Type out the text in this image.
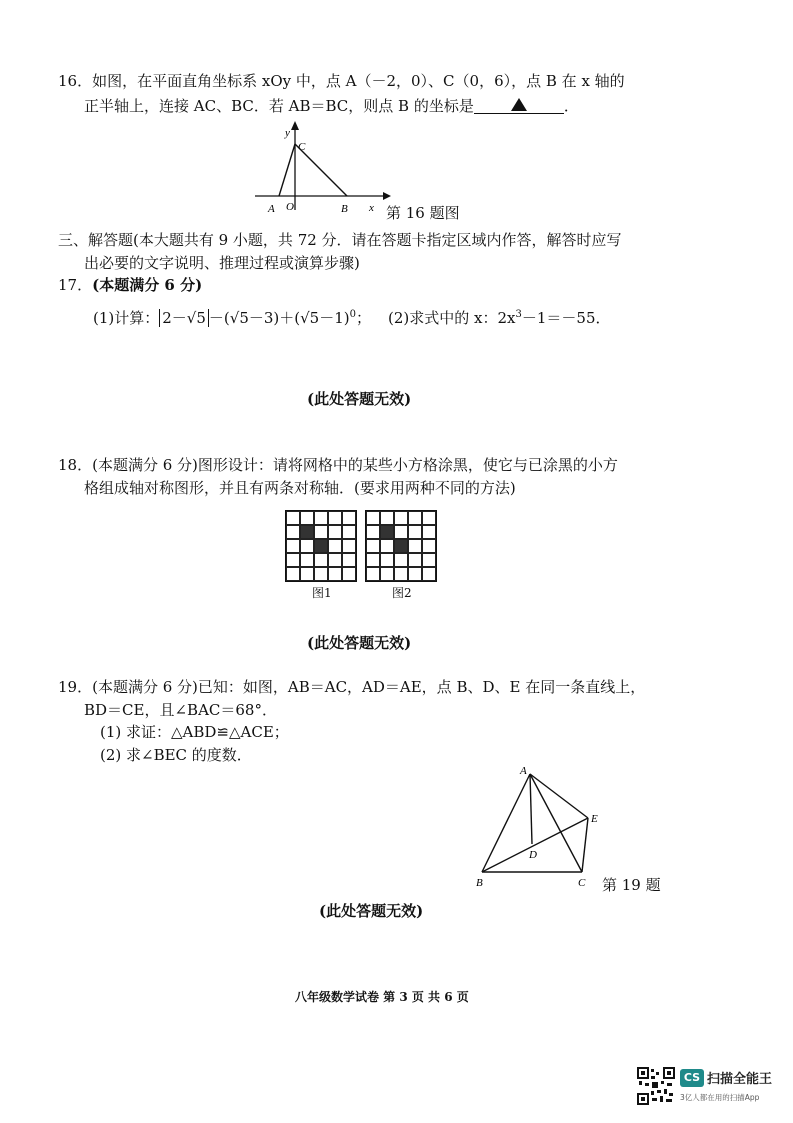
16．如图，在平面直角坐标系 xOy 中，点 A（－2，0）、C（0，6），点 B 在 x 轴的
正半轴上，连接 AC、BC．若 AB＝BC，则点 B 的坐标是	．
y
C
A O	B x 第 16 题图
三、解答题(本大题共有 9 小题，共 72 分．请在答题卡指定区域内作答，解答时应写
出必要的文字说明、推理过程或演算步骤)
17．(本题满分 6 分)
(1)计算： $2-√5 -(√5-3)+(√5-1)^0$； (2)求式中的 x：$2x^3-1=-55$．
(此处答题无效)
18．(本题满分 6 分)图形设计：请将网格中的某些小方格涂黑，使它与已涂黑的小方
格组成轴对称图形，并且有两条对称轴．(要求用两种不同的方法)
图1	图2
(此处答题无效)
19．(本题满分 6 分)已知：如图，AB＝AC，AD＝AE，点 B、D、E 在同一条直线上，
BD＝CE，且∠BAC＝68°．
(1) 求证：△ABD≌△ACE；
(2) 求∠BEC 的度数．
A
E
D
B	C 第 19 题
(此处答题无效)
八年级数学试卷 第 3 页 共 6 页
CS 扫描全能王
3亿人都在用的扫描App
